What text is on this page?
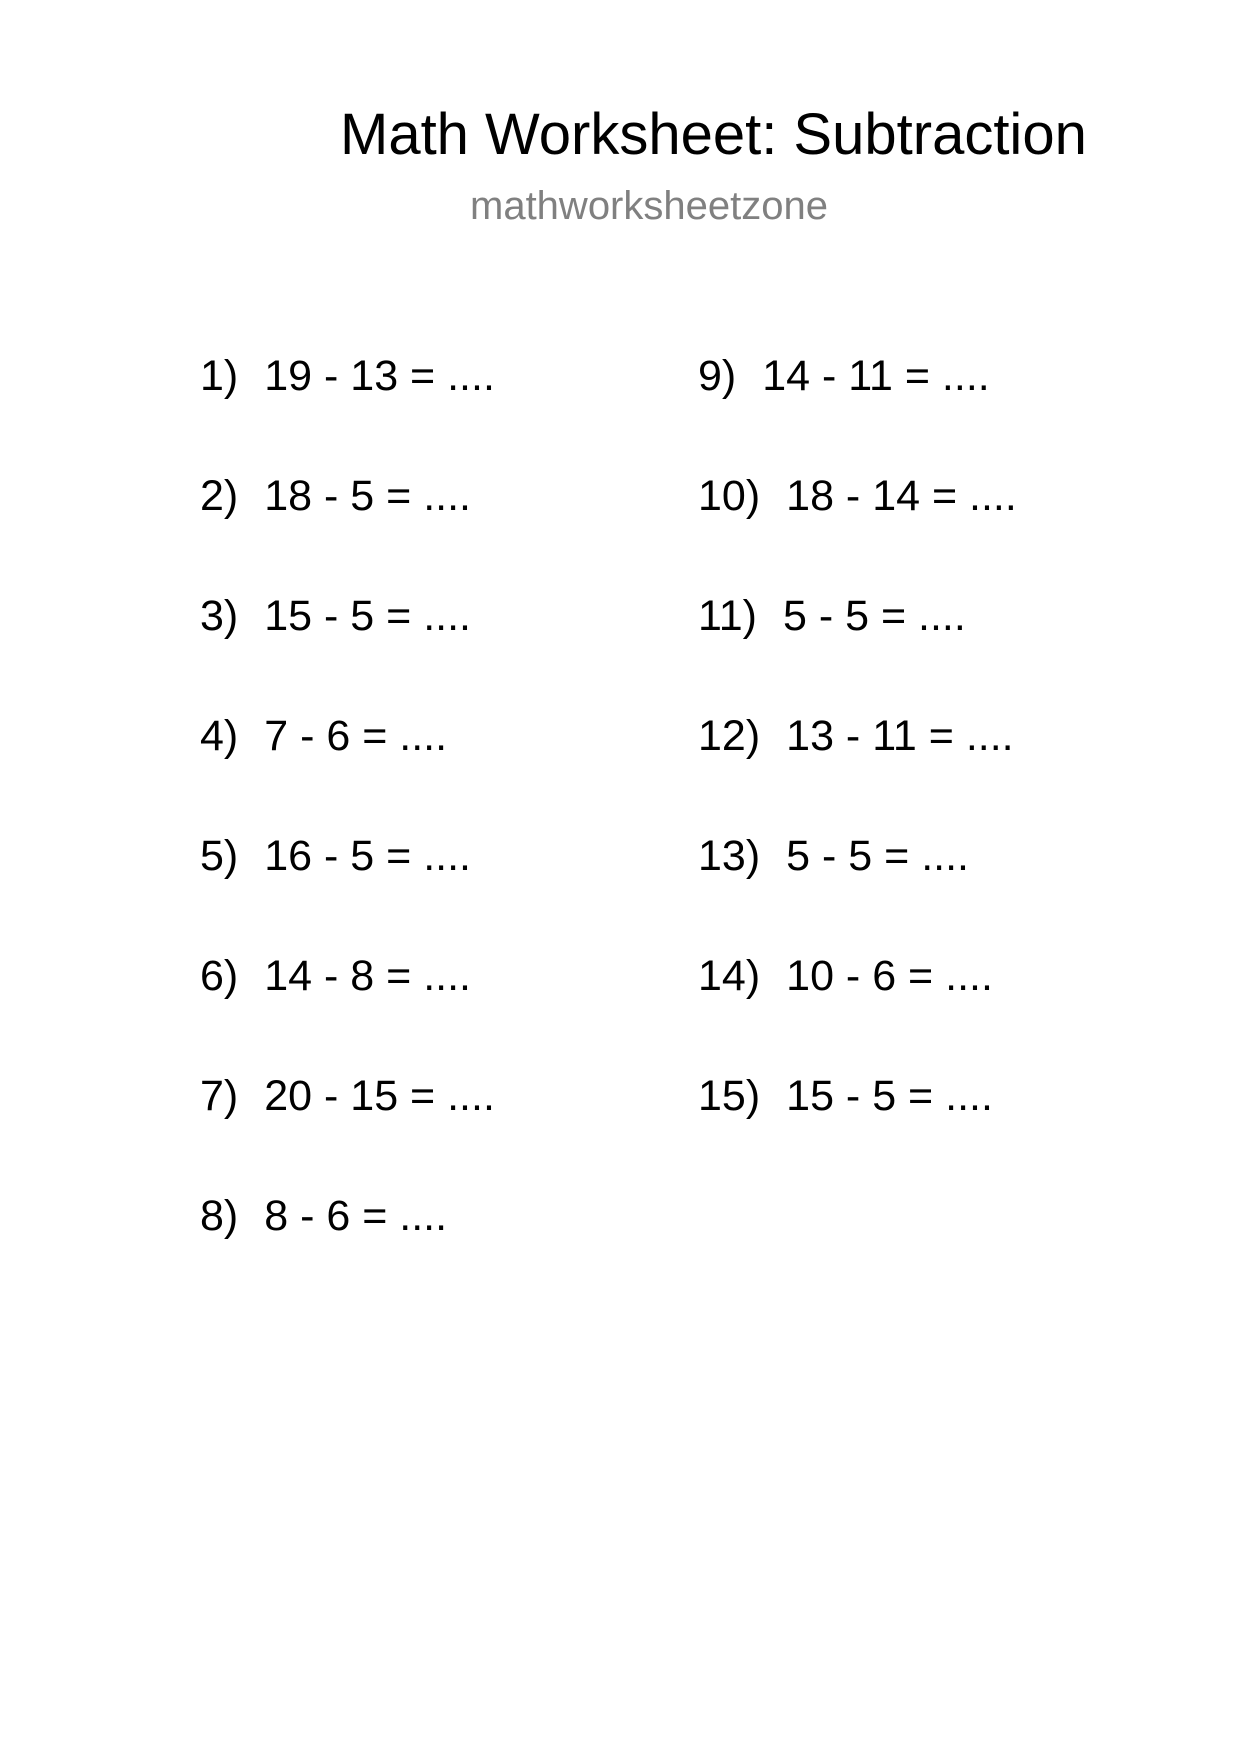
Math Worksheet: Subtraction
mathworksheetzone
1) 19 - 13 = ....
2) 18 - 5 = ....
3) 15 - 5 = ....
4) 7 - 6 = ....
5) 16 - 5 = ....
6) 14 - 8 = ....
7) 20 - 15 = ....
8) 8 - 6 = ....
9) 14 - 11 = ....
10) 18 - 14 = ....
11) 5 - 5 = ....
12) 13 - 11 = ....
13) 5 - 5 = ....
14) 10 - 6 = ....
15) 15 - 5 = ....
